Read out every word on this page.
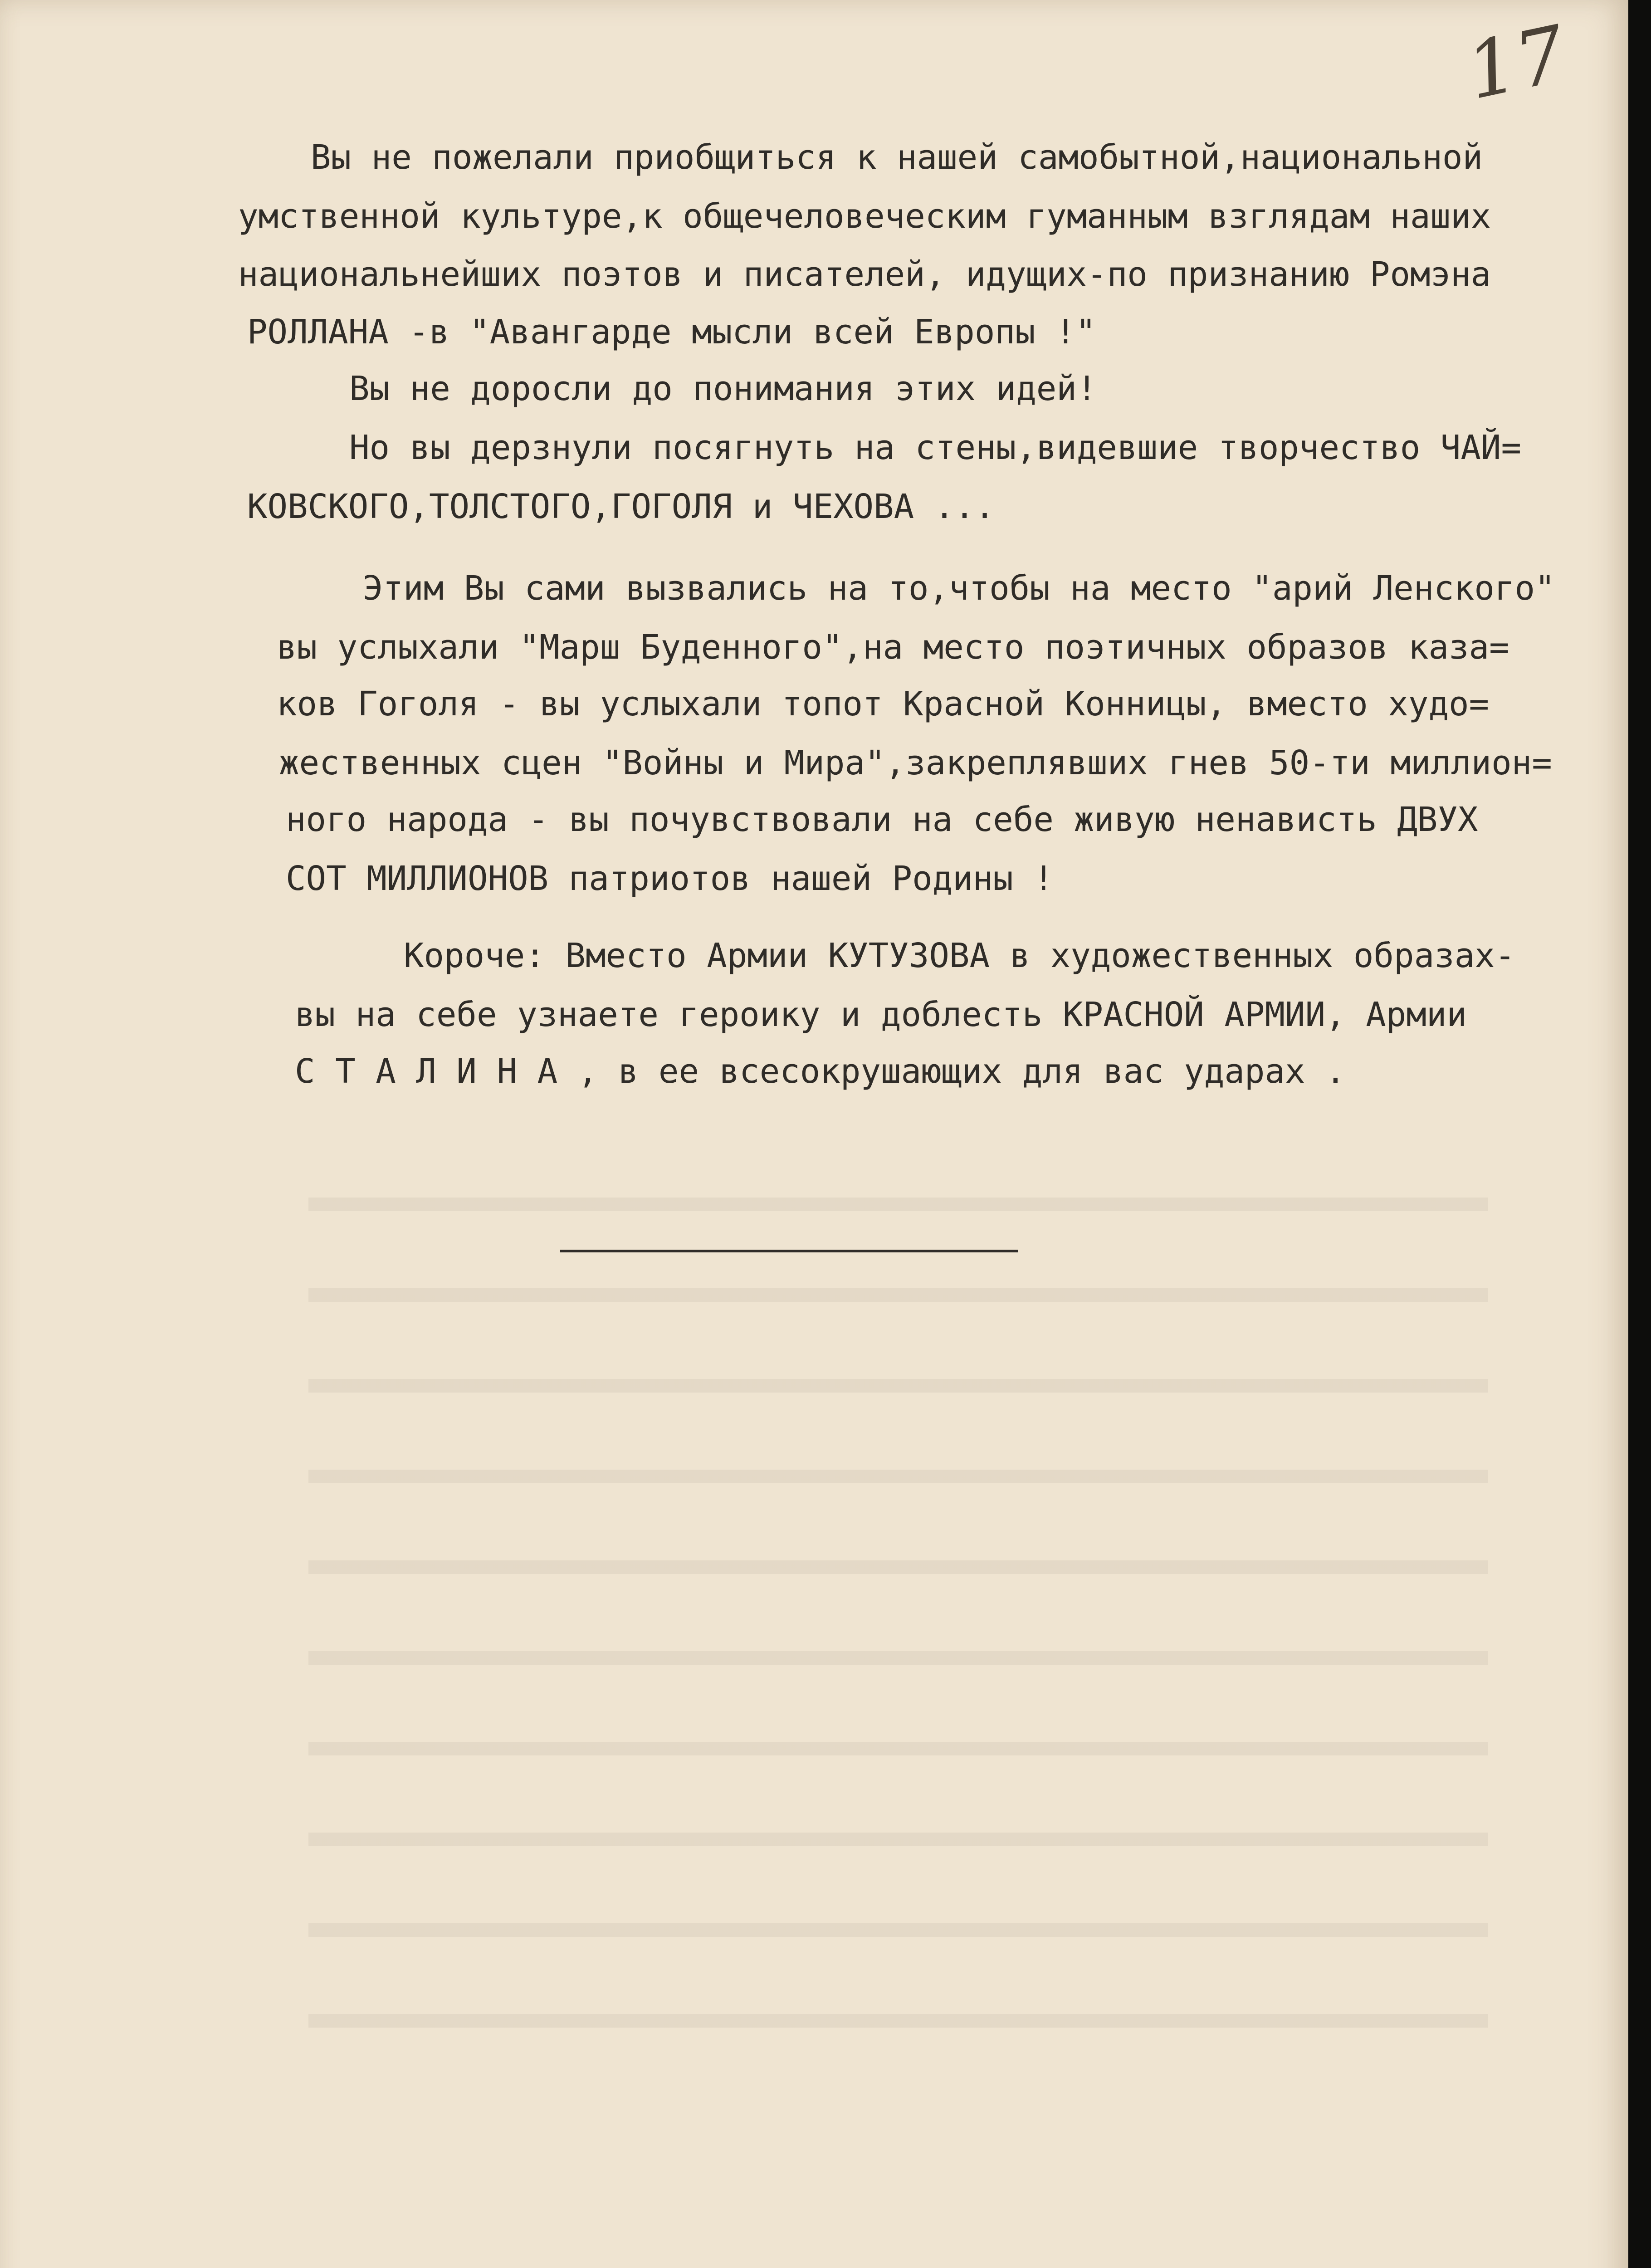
17
Вы не пожелали приобщиться к нашей самобытной,национальной
умственной культуре,к общечеловеческим гуманным взглядам наших
национальнейших поэтов и писателей, идущих-по признанию Ромэна
РОЛЛАНА -в "Авангарде мысли всей Европы !"
Вы не доросли до понимания этих идей!
Но вы дерзнули посягнуть на стены,видевшие творчество ЧАЙ=
КОВСКОГО,ТОЛСТОГО,ГОГОЛЯ и ЧЕХОВА ...
Этим Вы сами вызвались на то,чтобы на место "арий Ленского"
вы услыхали "Марш Буденного",на место поэтичных образов каза=
ков Гоголя - вы услыхали топот Красной Конницы, вместо худо=
жественных сцен "Войны и Мира",закреплявших гнев 50-ти миллион=
ного народа - вы почувствовали на себе живую ненависть ДВУХ
СОТ МИЛЛИОНОВ патриотов нашей Родины !
Короче: Вместо Армии КУТУЗОВА в художественных образах-
вы на себе узнаете героику и доблесть КРАСНОЙ АРМИИ, Армии
С Т А Л И Н А , в ее всесокрушающих для вас ударах .
